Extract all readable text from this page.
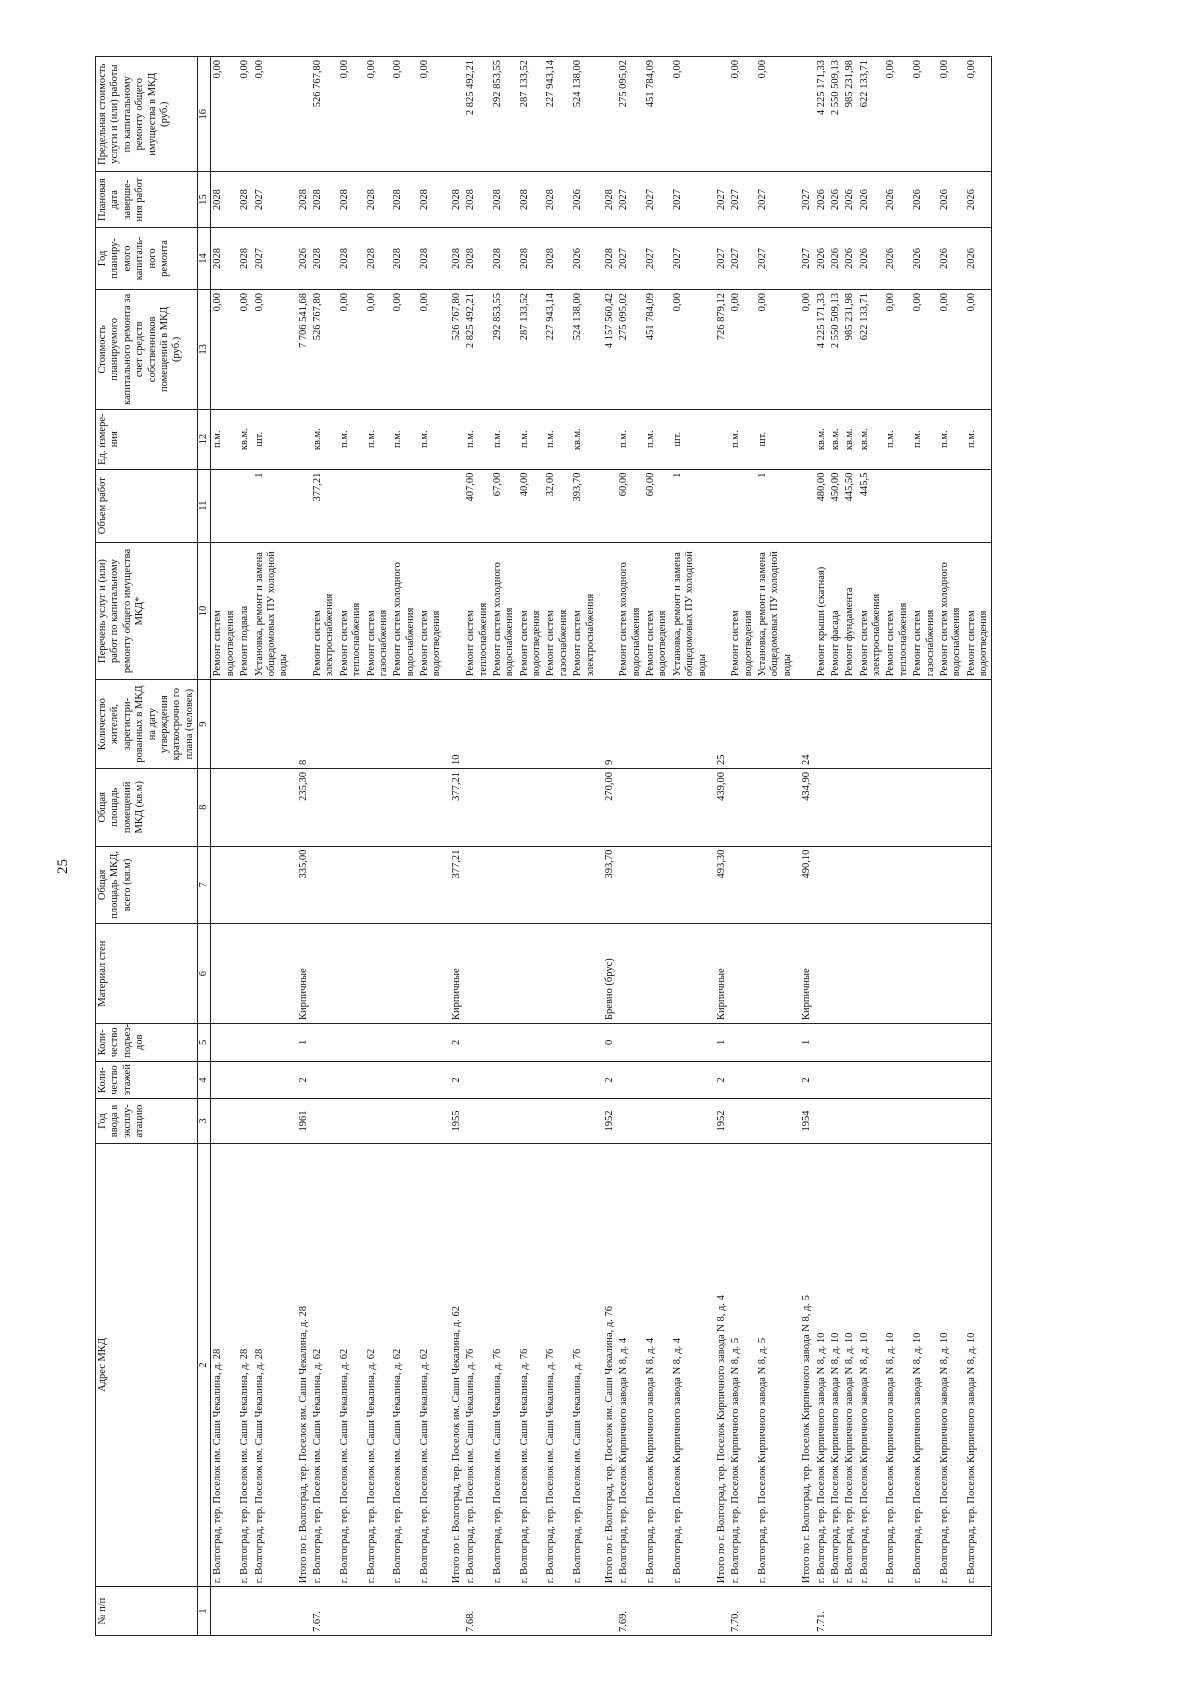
25
№ п/п	Адрес МКД	Год ввода в эксплу-атацию	Коли-чество этажей	Коли-чество подъез-дов	Материал стен	Общая площадь МКД, всего (кв.м)	Общая площадь помещений МКД (кв.м)	Количество жителей, зарегистри-рованных в МКД на дату утверждения краткосрочно го плана (человек)	Перечень услуг и (или) работ по капитальному ремонту общего имущества МКД*	Объем работ	Ед. измере-ния	Стоимость планируемого капитального ремонта за счет средств собственников помещений в МКД (руб.)	Год планиру-емого капиталь-ного ремонта	Плановая дата заверше-ния работ	Предельная стоимость услуги и (или) работы по капитальному ремонту общего имущества в МКД (руб.)
1	2	3	4	5	6	7	8	9	10	11	12	13	14	15	16
	г. Волгоград, тер. Поселок им. Саши Чекалина, д. 28								Ремонт систем водоотведения		п.м.	0,00	2028	2028	0,00
	г. Волгоград, тер. Поселок им. Саши Чекалина, д. 28								Ремонт подвала		кв.м.	0,00	2028	2028	0,00
	г. Волгоград, тер. Поселок им. Саши Чекалина, д. 28								Установка, ремонт и замена общедомовых ПУ холодной воды	1	шт.	0,00	2027	2027	0,00
	Итого по г. Волгоград, тер. Поселок им. Саши Чекалина, д. 28	1961	2	1	Кирпичные	335,00	235,30	8				7 706 541,68	2026	2028	
7.67.	г. Волгоград, тер. Поселок им. Саши Чекалина, д. 62								Ремонт систем электроснабжения	377,21	кв.м.	526 767,80	2028	2028	526 767,80
	г. Волгоград, тер. Поселок им. Саши Чекалина, д. 62								Ремонт систем теплоснабжения		п.м.	0,00	2028	2028	0,00
	г. Волгоград, тер. Поселок им. Саши Чекалина, д. 62								Ремонт систем газоснабжения		п.м.	0,00	2028	2028	0,00
	г. Волгоград, тер. Поселок им. Саши Чекалина, д. 62								Ремонт систем холодного водоснабжения		п.м.	0,00	2028	2028	0,00
	г. Волгоград, тер. Поселок им. Саши Чекалина, д. 62								Ремонт систем водоотведения		п.м.	0,00	2028	2028	0,00
	Итого по г. Волгоград, тер. Поселок им. Саши Чекалина, д. 62	1955	2	2	Кирпичные	377,21	377,21	10				526 767,80	2028	2028	
7.68.	г. Волгоград, тер. Поселок им. Саши Чекалина, д. 76								Ремонт систем теплоснабжения	407,00	п.м.	2 825 492,21	2028	2028	2 825 492,21
	г. Волгоград, тер. Поселок им. Саши Чекалина, д. 76								Ремонт систем холодного водоснабжения	67,00	п.м.	292 853,55	2028	2028	292 853,55
	г. Волгоград, тер. Поселок им. Саши Чекалина, д. 76								Ремонт систем водоотведения	40,00	п.м.	287 133,52	2028	2028	287 133,52
	г. Волгоград, тер. Поселок им. Саши Чекалина, д. 76								Ремонт систем газоснабжения	32,00	п.м.	227 943,14	2028	2028	227 943,14
	г. Волгоград, тер. Поселок им. Саши Чекалина, д. 76								Ремонт систем электроснабжения	393,70	кв.м.	524 138,00	2026	2026	524 138,00
	Итого по г. Волгоград, тер. Поселок им. Саши Чекалина, д. 76	1952	2	0	Бревно (брус)	393,70	270,00	9				4 157 560,42	2028	2028	
7.69.	г. Волгоград, тер. Поселок Кирпичного завода N 8, д. 4								Ремонт систем холодного водоснабжения	60,00	п.м.	275 095,02	2027	2027	275 095,02
	г. Волгоград, тер. Поселок Кирпичного завода N 8, д. 4								Ремонт систем водоотведения	60,00	п.м.	451 784,09	2027	2027	451 784,09
	г. Волгоград, тер. Поселок Кирпичного завода N 8, д. 4								Установка, ремонт и замена общедомовых ПУ холодной воды	1	шт.	0,00	2027	2027	0,00
	Итого по г. Волгоград, тер. Поселок Кирпичного завода N 8, д. 4	1952	2	1	Кирпичные	493,30	439,00	25				726 879,12	2027	2027	
7.70.	г. Волгоград, тер. Поселок Кирпичного завода N 8, д. 5								Ремонт систем водоотведения		п.м.	0,00	2027	2027	0,00
	г. Волгоград, тер. Поселок Кирпичного завода N 8, д. 5								Установка, ремонт и замена общедомовых ПУ холодной воды	1	шт.	0,00	2027	2027	0,00
	Итого по г. Волгоград, тер. Поселок Кирпичного завода N 8, д. 5	1954	2	1	Кирпичные	490,10	434,90	24				0,00	2027	2027	
7.71.	г. Волгоград, тер. Поселок Кирпичного завода N 8, д. 10								Ремонт крыши (скатная)	480,00	кв.м.	4 225 171,33	2026	2026	4 225 171,33
	г. Волгоград, тер. Поселок Кирпичного завода N 8, д. 10								Ремонт фасада	450,00	кв.м.	2 550 509,13	2026	2026	2 550 509,13
	г. Волгоград, тер. Поселок Кирпичного завода N 8, д. 10								Ремонт фундамента	445,50	кв.м.	985 231,98	2026	2026	985 231,98
	г. Волгоград, тер. Поселок Кирпичного завода N 8, д. 10								Ремонт систем электроснабжения	445,5	кв.м.	622 133,71	2026	2026	622 133,71
	г. Волгоград, тер. Поселок Кирпичного завода N 8, д. 10								Ремонт систем теплоснабжения		п.м.	0,00	2026	2026	0,00
	г. Волгоград, тер. Поселок Кирпичного завода N 8, д. 10								Ремонт систем газоснабжения		п.м.	0,00	2026	2026	0,00
	г. Волгоград, тер. Поселок Кирпичного завода N 8, д. 10								Ремонт систем холодного водоснабжения		п.м.	0,00	2026	2026	0,00
	г. Волгоград, тер. Поселок Кирпичного завода N 8, д. 10								Ремонт систем водоотведения		п.м.	0,00	2026	2026	0,00
